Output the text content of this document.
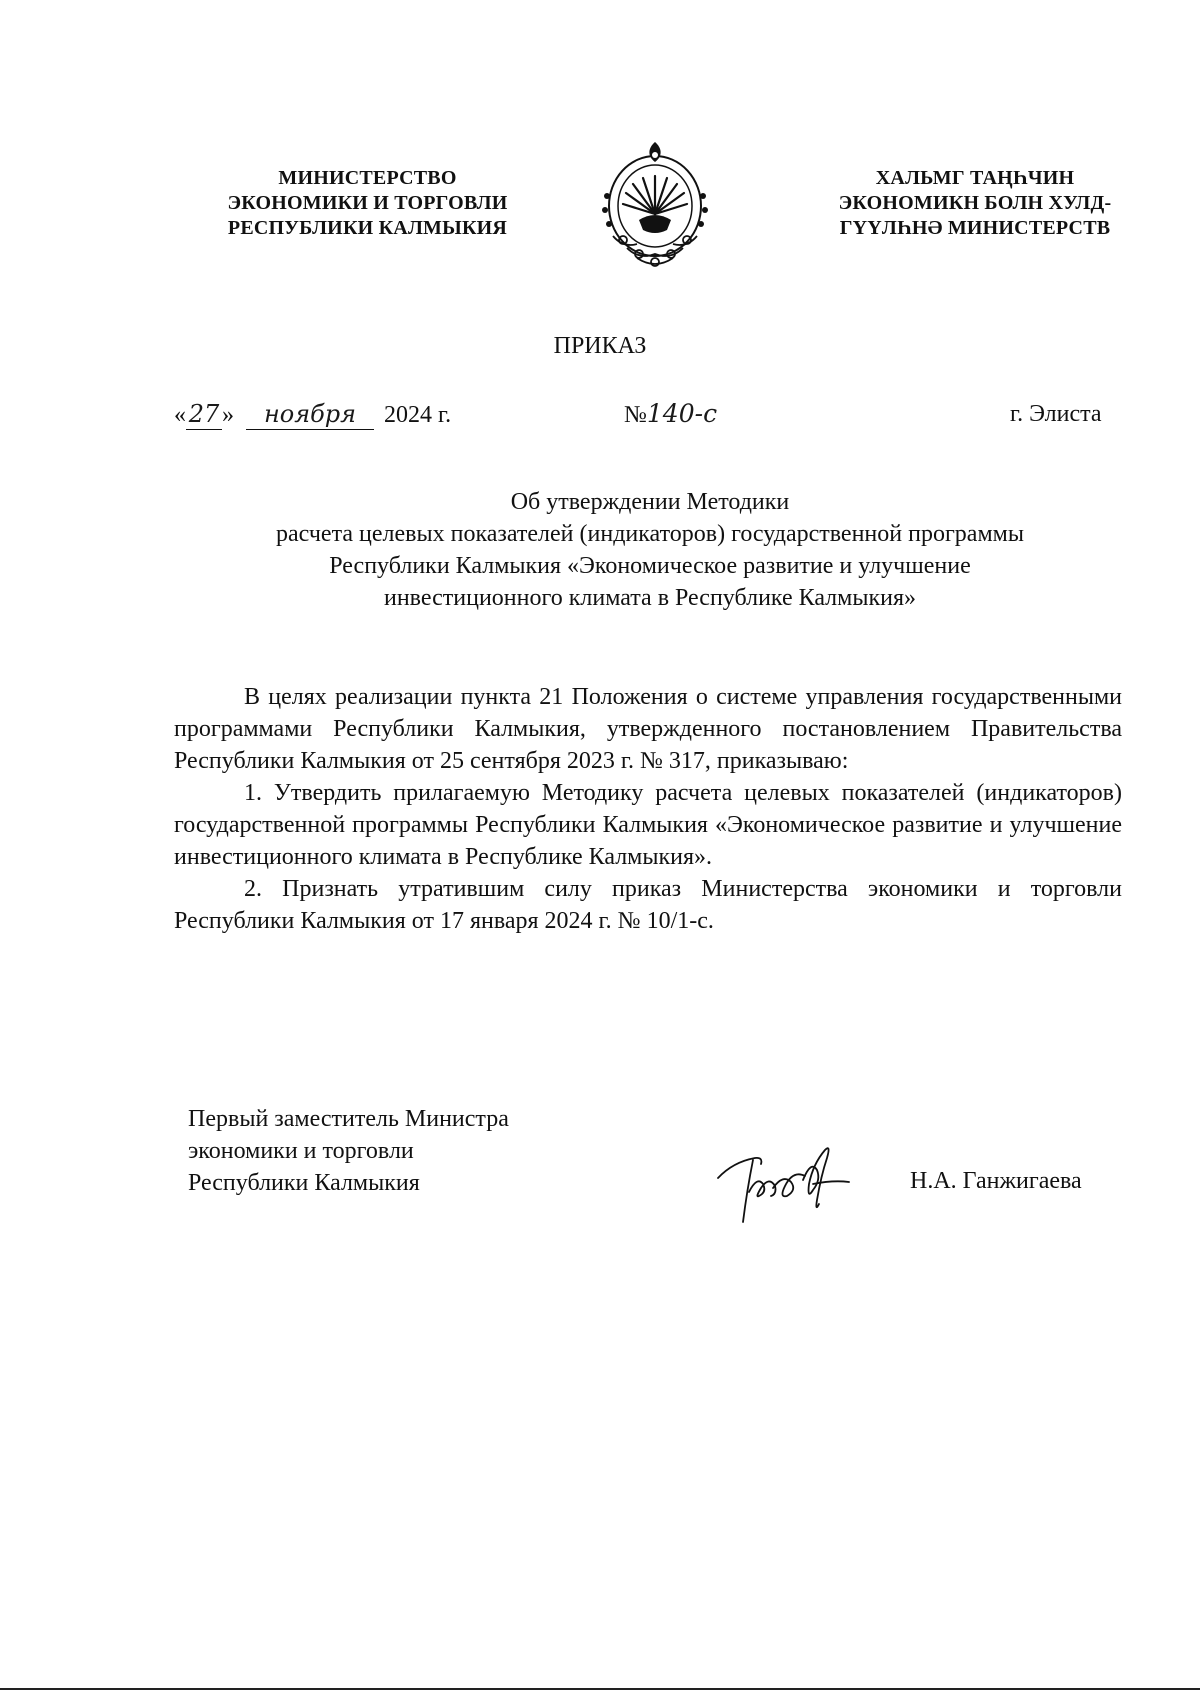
МИНИСТЕРСТВО
ЭКОНОМИКИ И ТОРГОВЛИ
РЕСПУБЛИКИ КАЛМЫКИЯ
ХАЛЬМГ ТАҢҺЧИН
ЭКОНОМИКН БОЛН ХУЛД-
ГҮҮЛҺНӘ МИНИСТЕРСТВ
ПРИКАЗ
« 27 » ноября 2024 г.	№140-с	г. Элиста
Об утверждении Методики
расчета целевых показателей (индикаторов) государственной программы
Республики Калмыкия «Экономическое развитие и улучшение
инвестиционного климата в Республике Калмыкия»

В целях реализации пункта 21 Положения о системе управления государственными программами Республики Калмыкия, утвержденного постановлением Правительства Республики Калмыкия от 25 сентября 2023 г. № 317, приказываю:

1. Утвердить прилагаемую Методику расчета целевых показателей (индикаторов) государственной программы Республики Калмыкия «Экономическое развитие и улучшение инвестиционного климата в Республике Калмыкия».

2. Признать утратившим силу приказ Министерства экономики и торговли Республики Калмыкия от 17 января 2024 г. № 10/1-с.

Первый заместитель Министра
экономики и торговли
Республики Калмыкия	Н.А. Ганжигаева
